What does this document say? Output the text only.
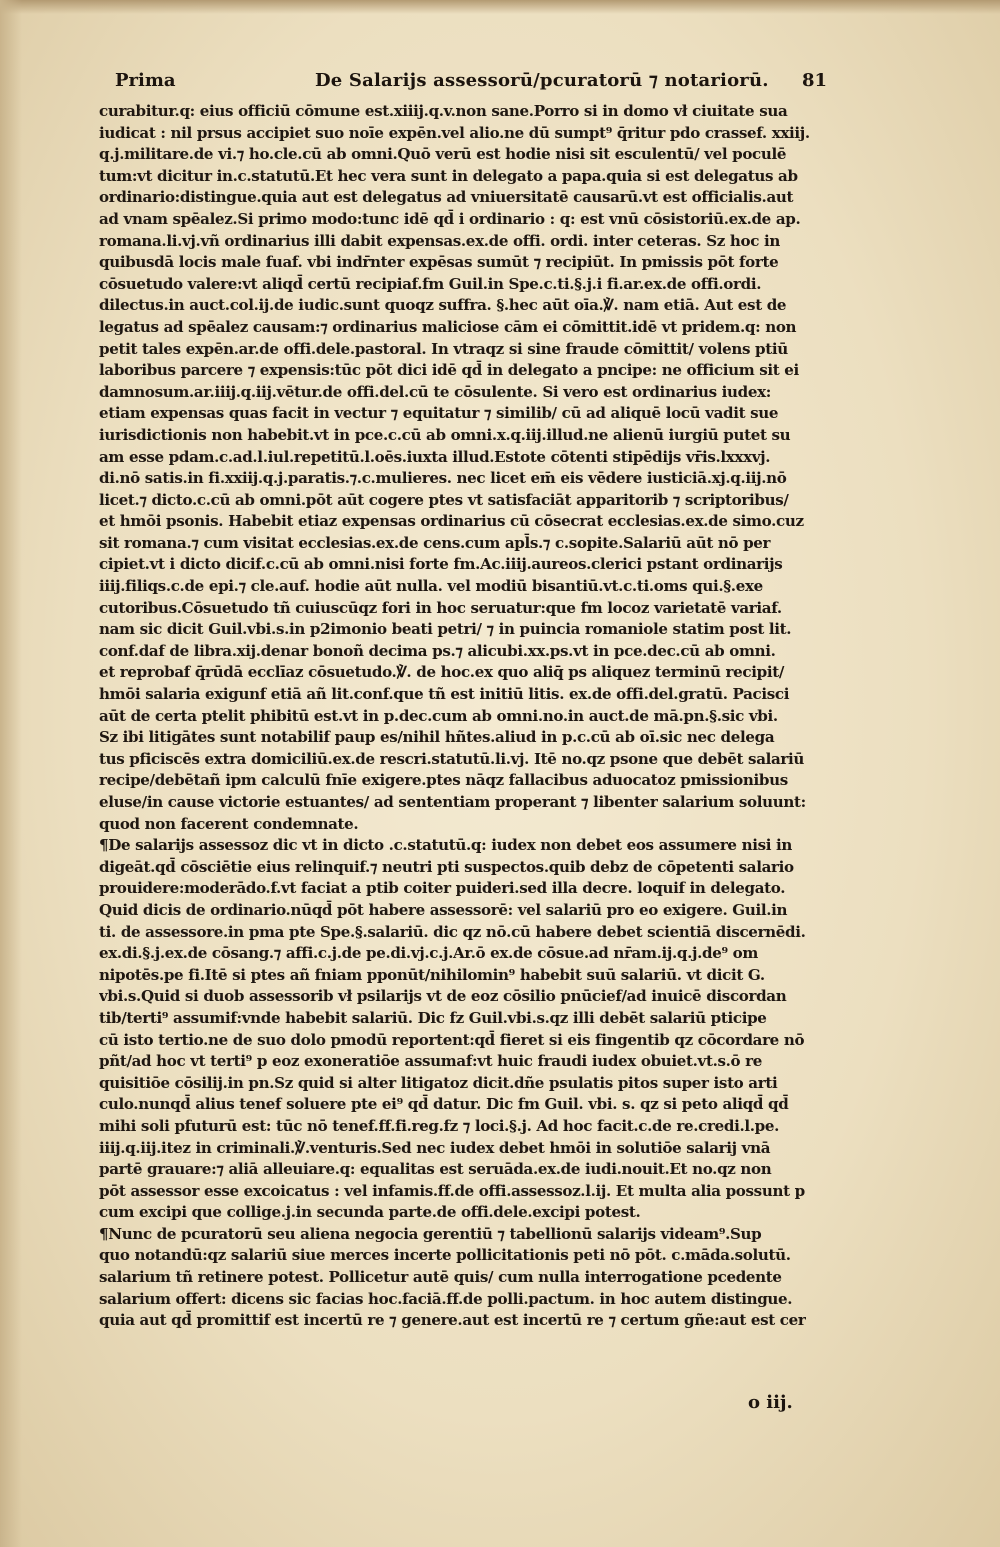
Prima	De Salarijs assessorū/pcuratorū ⁊ notariorū. 81
curabitur.q: eius officiū cōmune est.xiiij.q.v.non sane.Porro si in domo vł ciuitate sua
iudicat : nil prsus accipiet suo noīe expēn.vel alio.ne dū sumpt⁹ q̄ritur pdo crassef. xxiij.
q.j.militare.de vi.⁊ ho.cle.cū ab omni.Quō verū est hodie nisi sit esculentū/ vel poculē
tum:vt dicitur in.c.statutū.Et hec vera sunt in delegato a papa.quia si est delegatus ab
ordinario:distingue.quia aut est delegatus ad vniuersitatē causarū.vt est officialis.aut
ad vnam spēalez.Si primo modo:tunc idē qd̄ i ordinario : q: est vnū cōsistoriū.ex.de ap.
romana.li.vj.vñ ordinarius illi dabit expensas.ex.de offi. ordi. inter ceteras. Sz hoc in
quibusdā locis male fuaf. vbi indr̄nter expēsas sumūt ⁊ recipiūt. In pmissis pōt forte
cōsuetudo valere:vt aliqd̄ certū recipiaf.fm Guil.in Spe.c.ti.§.j.i fi.ar.ex.de offi.ordi.
dilectus.in auct.col.ij.de iudic.sunt quoqz suffra. §.hec aūt oīa.℣. nam etiā. Aut est de
legatus ad spēalez causam:⁊ ordinarius maliciose cām ei cōmittit.idē vt pridem.q: non
petit tales expēn.ar.de offi.dele.pastoral. In vtraqz si sine fraude cōmittit/ volens ptiū
laboribus parcere ⁊ expensis:tūc pōt dici idē qd̄ in delegato a pncipe: ne officium sit ei
damnosum.ar.iiij.q.iij.vētur.de offi.del.cū te cōsulente. Si vero est ordinarius iudex:
etiam expensas quas facit in vectur ⁊ equitatur ⁊ similib/ cū ad aliquē locū vadit sue
iurisdictionis non habebit.vt in pce.c.cū ab omni.x.q.iij.illud.ne alienū iurgiū putet su
am esse pdam.c.ad.l.iul.repetitū.l.oēs.iuxta illud.Estote cōtenti stipēdijs vr̄is.lxxxvj.
di.nō satis.in fi.xxiij.q.j.paratis.⁊.c.mulieres. nec licet em̄ eis vēdere iusticiā.xj.q.iij.nō
licet.⁊ dicto.c.cū ab omni.pōt aūt cogere ptes vt satisfaciāt apparitorib ⁊ scriptoribus/
et hmōi psonis. Habebit etiaz expensas ordinarius cū cōsecrat ecclesias.ex.de simo.cuz
sit romana.⁊ cum visitat ecclesias.ex.de cens.cum apl̄s.⁊ c.sopite.Salariū aūt nō per
cipiet.vt i dicto dicif.c.cū ab omni.nisi forte fm.Ac.iiij.aureos.clerici pstant ordinarijs
iiij.filiqs.c.de epi.⁊ cle.auf. hodie aūt nulla. vel modiū bisantiū.vt.c.ti.oms qui.§.exe
cutoribus.Cōsuetudo tñ cuiuscūqz fori in hoc seruatur:que fm locoz varietatē variaf.
nam sic dicit Guil.vbi.s.in p2imonio beati petri/ ⁊ in puincia romaniole statim post lit.
conf.daf de libra.xij.denar bonoñ decima ps.⁊ alicubi.xx.ps.vt in pce.dec.cū ab omni.
et reprobaf q̄rūdā ecclīaz cōsuetudo.℣. de hoc.ex quo aliq̄ ps aliquez terminū recipit/
hmōi salaria exigunf etiā añ lit.conf.que tñ est initiū litis. ex.de offi.del.gratū. Pacisci
aūt de certa ptelit phibitū est.vt in p.dec.cum ab omni.no.in auct.de mā.pn.§.sic vbi.
Sz ibi litigātes sunt notabilif paup es/nihil hñtes.aliud in p.c.cū ab oī.sic nec delega
tus pficiscēs extra domiciliū.ex.de rescri.statutū.li.vj. Itē no.qz psone que debēt salariū
recipe/debētañ ipm calculū fnīe exigere.ptes nāqz fallacibus aduocatoz pmissionibus
eluse/in cause victorie estuantes/ ad sententiam properant ⁊ libenter salarium soluunt:
quod non facerent condemnate.
¶De salarijs assessoz dic vt in dicto .c.statutū.q: iudex non debet eos assumere nisi in
digeāt.qd̄ cōsciētie eius relinquif.⁊ neutri pti suspectos.quib debz de cōpetenti salario
prouidere:moderādo.f.vt faciat a ptib coiter puideri.sed illa decre. loquif in delegato.
Quid dicis de ordinario.nūqd̄ pōt habere assessorē: vel salariū pro eo exigere. Guil.in
ti. de assessore.in pma pte Spe.§.salariū. dic qz nō.cū habere debet scientiā discernēdi.
ex.di.§.j.ex.de cōsang.⁊ affi.c.j.de pe.di.vj.c.j.Ar.ō ex.de cōsue.ad nr̄am.ij.q.j.de⁹ om
nipotēs.pe fi.Itē si ptes añ fniam pponūt/nihilomin⁹ habebit suū salariū. vt dicit G.
vbi.s.Quid si duob assessorib vł psilarijs vt de eoz cōsilio pnūcief/ad inuicē discordan
tib/terti⁹ assumif:vnde habebit salariū. Dic fz Guil.vbi.s.qz illi debēt salariū pticipe
cū isto tertio.ne de suo dolo pmodū reportent:qd̄ fieret si eis fingentib qz cōcordare nō
pñt/ad hoc vt terti⁹ p eoz exoneratiōe assumaf:vt huic fraudi iudex obuiet.vt.s.ō re
quisitiōe cōsilij.in pn.Sz quid si alter litigatoz dicit.dñe psulatis pitos super isto arti
culo.nunqd̄ alius tenef soluere pte ei⁹ qd̄ datur. Dic fm Guil. vbi. s. qz si peto aliqd̄ qd̄
mihi soli pfuturū est: tūc nō tenef.ff.fi.reg.fz ⁊ loci.§.j. Ad hoc facit.c.de re.credi.l.pe.
iiij.q.iij.itez in criminali.℣.venturis.Sed nec iudex debet hmōi in solutiōe salarij vnā
partē grauare:⁊ aliā alleuiare.q: equalitas est seruāda.ex.de iudi.nouit.Et no.qz non
pōt assessor esse excoicatus : vel infamis.ff.de offi.assessoz.l.ij. Et multa alia possunt p
cum excipi que collige.j.in secunda parte.de offi.dele.excipi potest.
¶Nunc de pcuratorū seu aliena negocia gerentiū ⁊ tabellionū salarijs videam⁹.Sup
quo notandū:qz salariū siue merces incerte pollicitationis peti nō pōt. c.māda.solutū.
salarium tñ retinere potest. Pollicetur autē quis/ cum nulla interrogatione pcedente
salarium offert: dicens sic facias hoc.faciā.ff.de polli.pactum. in hoc autem distingue.
quia aut qd̄ promittif est incertū re ⁊ genere.aut est incertū re ⁊ certum gñe:aut est cer
o iij.
